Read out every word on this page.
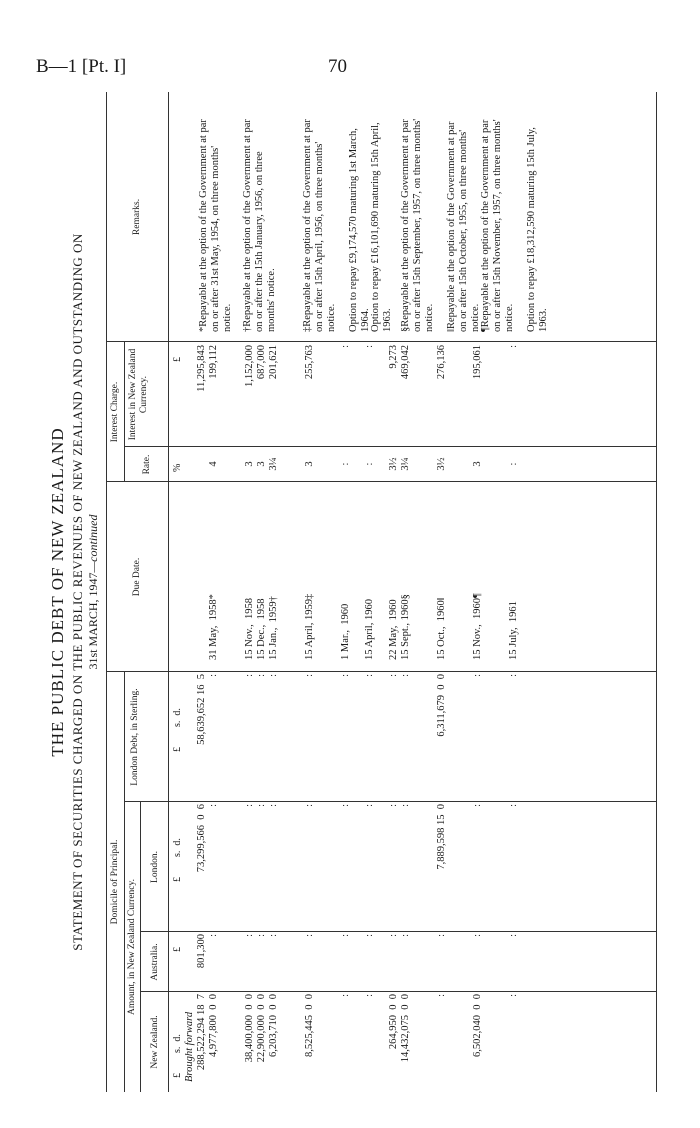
B—1 [Pt. I]	70
THE PUBLIC DEBT OF NEW ZEALAND STATEMENT OF SECURITIES CHARGED ON THE PUBLIC REVENUES OF NEW ZEALAND AND OUTSTANDING ON 31st MARCH, 1947—continued
Domicile of Principal. Amount, in New Zealand Currency.
New Zealand.
Australia.
London.
London Debt, in Sterling.
Due Date.
Interest Charge.
Rate.
Interest in New Zealand Currency.
Remarks.
£        s.  d.
£
£        s.  d.
£        s.  d.
%
£
Brought forward 288,522,294 18  7
801,300
73,299,566  0  6
58,639,652 16  5
11,295,843
4,977,800  0  0
:
:
:
31 May,  1958*
4
199,112
38,400,000  0  0
:
:
:
15 Nov.,  1958
3
1,152,000
22,900,000  0  0
:
:
:
15 Dec.,  1958
3
687,000
6,203,710  0  0
:
:
:
15 Jan.,  1959†
3¼
201,621
8,525,445  0  0
:
:
:
15 April, 1959‡
3
255,763
:
:
:
:
1 Mar.,  1960
:
:
:
:
:
:
15 April, 1960
:
:
264,950  0  0
:
:
:
22 May,  1960
3½
9,273
14,432,075  0  0
:
:
:
15 Sept., 1960§
3¼
469,042
:
:
7,889,598 15  0
6,311,679  0  0
15 Oct.,  1960‖
3½
276,136
6,502,040  0  0
:
:
:
15 Nov.,  1960¶
3
195,061
:
:
:
:
15 July,  1961
:
:
*Repayable at the option of the Government at par on or after 31st May, 1954, on three months' notice. †Repayable at the option of the Government at par on or after the 15th January, 1956, on three months' notice. ‡Repayable at the option of the Government at par on or after 15th April, 1956, on three months' notice. Option to repay £9,174,570 maturing 1st March, 1964. Option to repay £16,101,690 maturing 15th April, 1963. §Repayable at the option of the Government at par on or after 15th September, 1957, on three months' notice. ‖Repayable at the option of the Government at par on or after 15th October, 1955, on three months' notice. ¶Repayable at the option of the Government at par on or after 15th November, 1957, on three months' notice. Option to repay £18,312,590 maturing 15th July, 1963.
